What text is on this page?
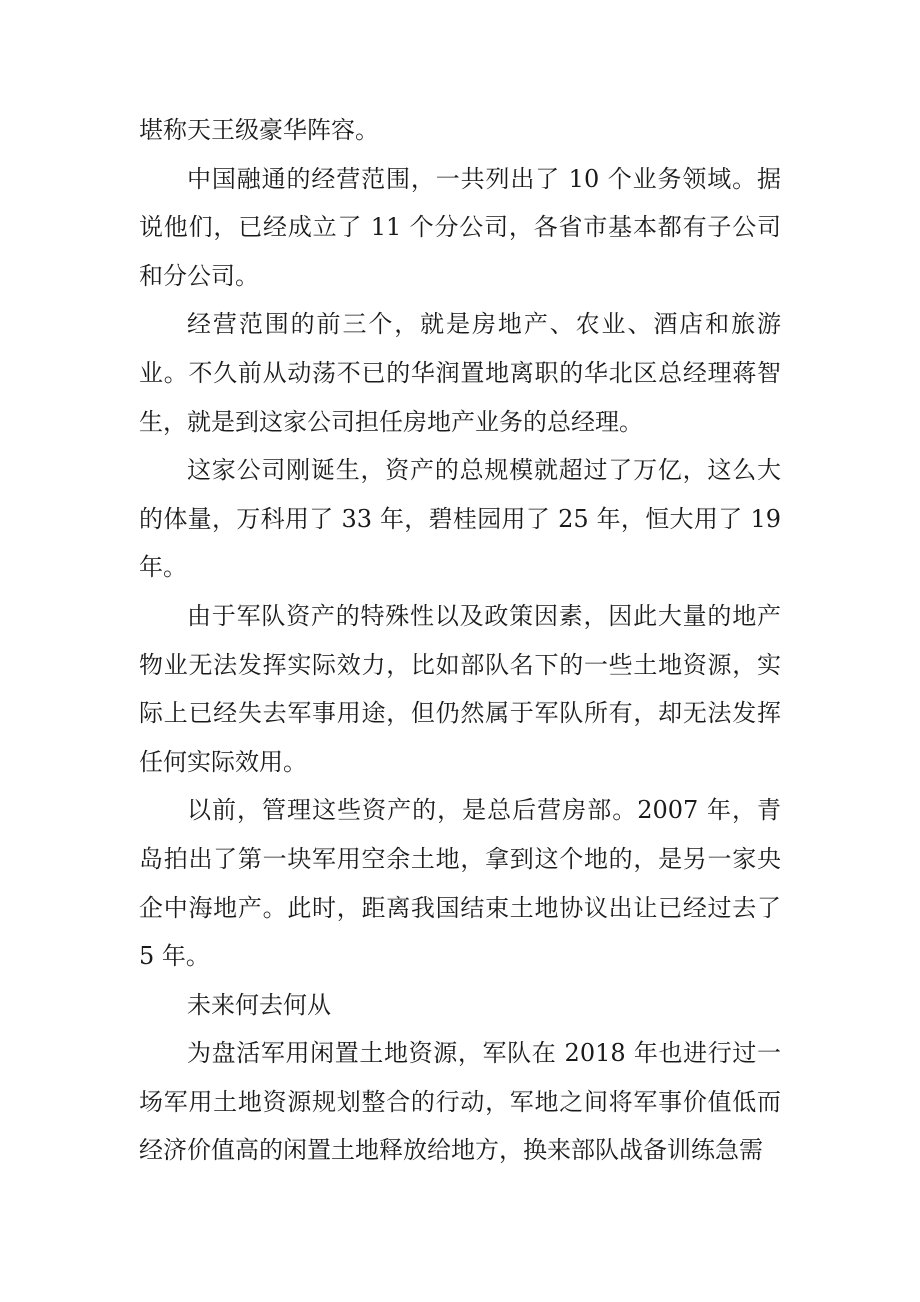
堪称天王级豪华阵容。

中国融通的经营范围，一共列出了 10 个业务领域。据说他们，已经成立了 11 个分公司，各省市基本都有子公司和分公司。

经营范围的前三个，就是房地产、农业、酒店和旅游业。不久前从动荡不已的华润置地离职的华北区总经理蒋智生，就是到这家公司担任房地产业务的总经理。

这家公司刚诞生，资产的总规模就超过了万亿，这么大的体量，万科用了 33 年，碧桂园用了 25 年，恒大用了 19 年。

由于军队资产的特殊性以及政策因素，因此大量的地产物业无法发挥实际效力，比如部队名下的一些土地资源，实际上已经失去军事用途，但仍然属于军队所有，却无法发挥任何实际效用。

以前，管理这些资产的，是总后营房部。2007 年，青岛拍出了第一块军用空余土地，拿到这个地的，是另一家央企中海地产。此时，距离我国结束土地协议出让已经过去了 5 年。

未来何去何从

为盘活军用闲置土地资源，军队在 2018 年也进行过一场军用土地资源规划整合的行动，军地之间将军事价值低而经济价值高的闲置土地释放给地方，换来部队战备训练急需
